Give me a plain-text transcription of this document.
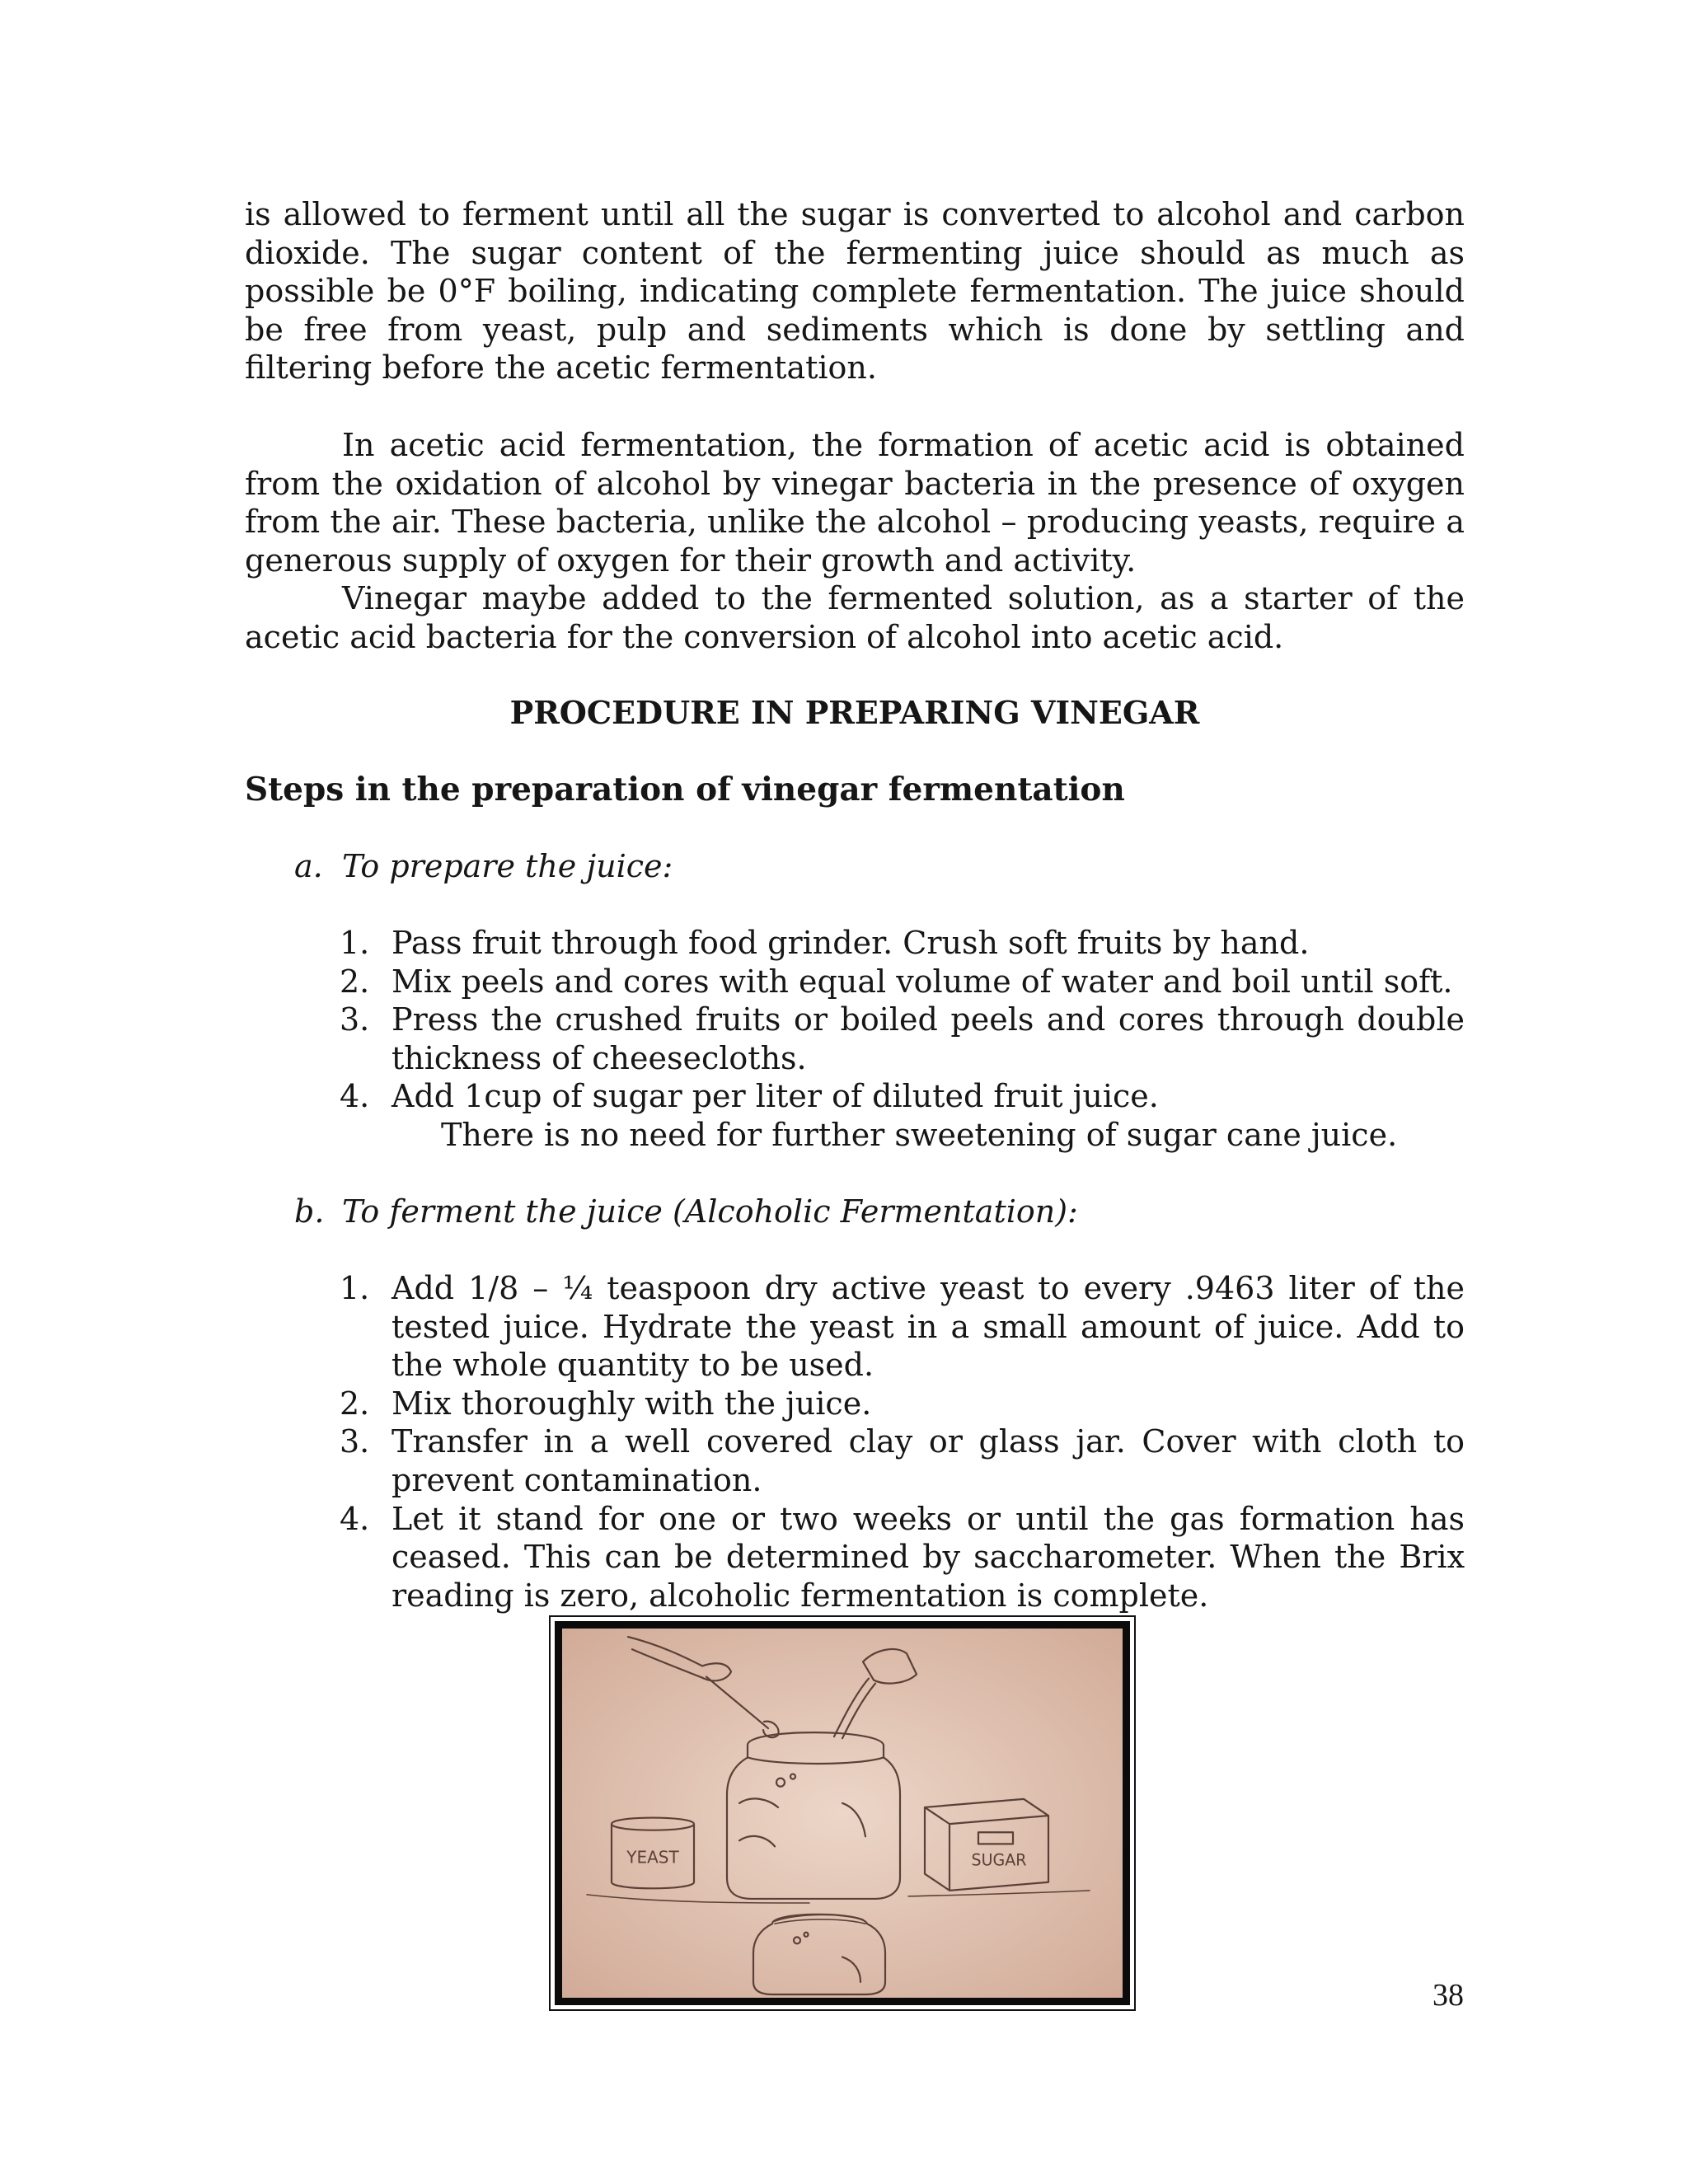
is allowed to ferment until all the sugar is converted to alcohol and carbon dioxide. The sugar content of the fermenting juice should as much as possible be 0°F boiling, indicating complete fermentation. The juice should be free from yeast, pulp and sediments which is done by settling and filtering before the acetic fermentation.

In acetic acid fermentation, the formation of acetic acid is obtained from the oxidation of alcohol by vinegar bacteria in the presence of oxygen from the air. These bacteria, unlike the alcohol – producing yeasts, require a generous supply of oxygen for their growth and activity.

Vinegar maybe added to the fermented solution, as a starter of the acetic acid bacteria for the conversion of alcohol into acetic acid.

PROCEDURE IN PREPARING VINEGAR

Steps in the preparation of vinegar fermentation

a. To prepare the juice:
1. Pass fruit through food grinder. Crush soft fruits by hand.
2. Mix peels and cores with equal volume of water and boil until soft.
3. Press the crushed fruits or boiled peels and cores through double thickness of cheesecloths.
4. Add 1cup of sugar per liter of diluted fruit juice.
There is no need for further sweetening of sugar cane juice.
b. To ferment the juice (Alcoholic Fermentation):
1. Add 1/8 – ¼ teaspoon dry active yeast to every .9463 liter of the tested juice. Hydrate the yeast in a small amount of juice. Add to the whole quantity to be used.
2. Mix thoroughly with the juice.
3. Transfer in a well covered clay or glass jar. Cover with cloth to prevent contamination.
4. Let it stand for one or two weeks or until the gas formation has ceased. This can be determined by saccharometer. When the Brix reading is zero, alcoholic fermentation is complete.
YEAST	SUGAR
38
